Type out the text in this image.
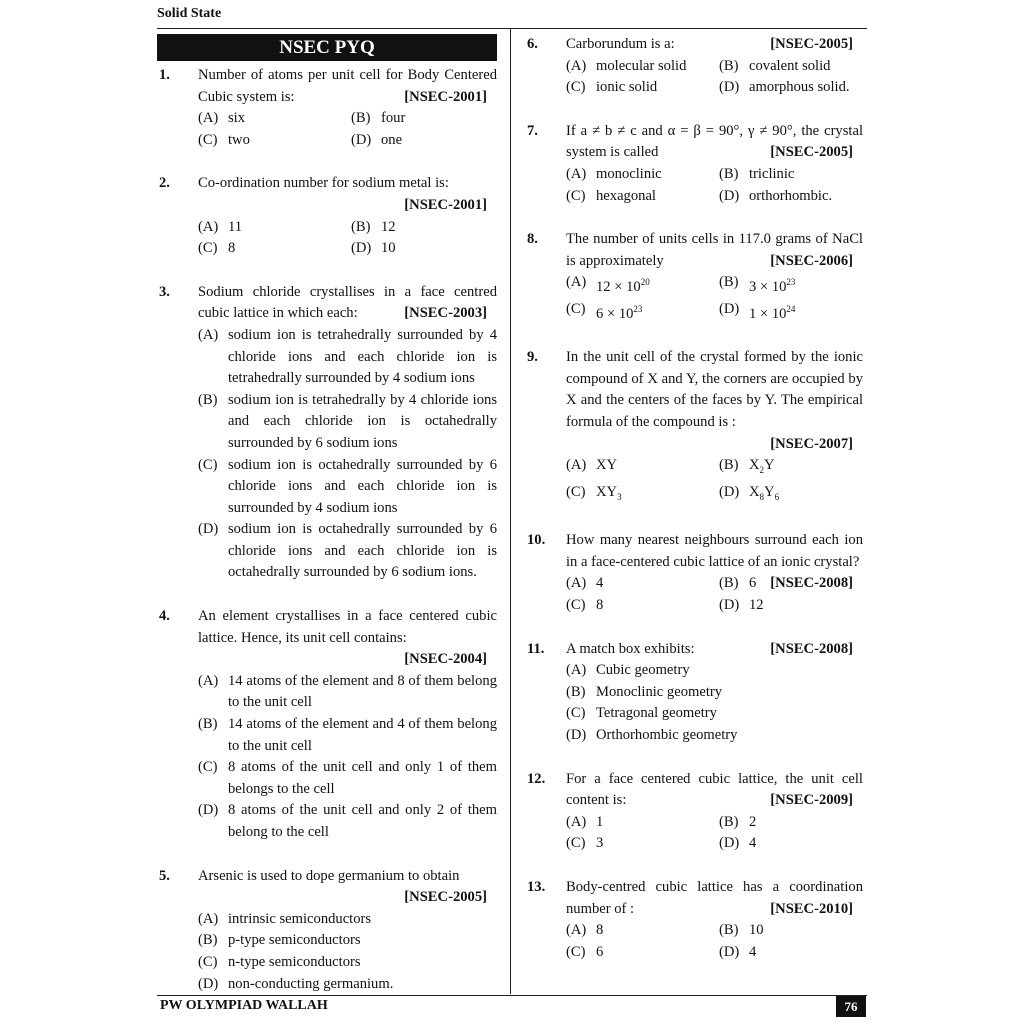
Solid State
NSEC PYQ
1. Number of atoms per unit cell for Body Centered Cubic system is:	[NSEC-2001]
(A) six	(B) four
(C) two	(D) one
2. Co-ordination number for sodium metal is:
[NSEC-2001]
(A) 11	(B) 12
(C) 8	(D) 10
3. Sodium chloride crystallises in a face centred cubic lattice in which each:	[NSEC-2003]
(A) sodium ion is tetrahedrally surrounded by 4 chloride ions and each chloride ion is tetrahedrally surrounded by 4 sodium ions
(B) sodium ion is tetrahedrally by 4 chloride ions and each chloride ion is octahedrally surrounded by 6 sodium ions
(C) sodium ion is octahedrally surrounded by 6 chloride ions and each chloride ion is surrounded by 4 sodium ions
(D) sodium ion is octahedrally surrounded by 6 chloride ions and each chloride ion is octahedrally surrounded by 6 sodium ions.
4. An element crystallises in a face centered cubic lattice. Hence, its unit cell contains:
[NSEC-2004]
(A) 14 atoms of the element and 8 of them belong to the unit cell
(B) 14 atoms of the element and 4 of them belong to the unit cell
(C) 8 atoms of the unit cell and only 1 of them belongs to the cell
(D) 8 atoms of the unit cell and only 2 of them belong to the cell
5. Arsenic is used to dope germanium to obtain
[NSEC-2005]
(A) intrinsic semiconductors
(B) p-type semiconductors
(C) n-type semiconductors
(D) non-conducting germanium.
6. Carborundum is a:	[NSEC-2005]
(A) molecular solid	(B) covalent solid
(C) ionic solid	(D) amorphous solid.
7. If a ≠ b ≠ c and α = β = 90°, γ ≠ 90°, the crystal system is called	[NSEC-2005]
(A) monoclinic	(B) triclinic
(C) hexagonal	(D) orthorhombic.
8. The number of units cells in 117.0 grams of NaCl is approximately	[NSEC-2006]
(A) $12 \times 10^{20}$	(B) $3 \times 10^{23}$
(C) $6 \times 10^{23}$	(D) $1 \times 10^{24}$
9. In the unit cell of the crystal formed by the ionic compound of X and Y, the corners are occupied by X and the centers of the faces by Y. The empirical formula of the compound is :
[NSEC-2007]
(A) XY	(B) $X_2Y$
(C) $XY_3$	(D) $X_8Y_6$
10. How many nearest neighbours surround each ion in a face-centered cubic lattice of an ionic crystal?
[NSEC-2008]
(A) 4	(B) 6
(C) 8	(D) 12
11. A match box exhibits:	[NSEC-2008]
(A) Cubic geometry
(B) Monoclinic geometry
(C) Tetragonal geometry
(D) Orthorhombic geometry
12. For a face centered cubic lattice, the unit cell content is:	[NSEC-2009]
(A) 1	(B) 2
(C) 3	(D) 4
13. Body-centred cubic lattice has a coordination number of :	[NSEC-2010]
(A) 8	(B) 10
(C) 6	(D) 4
PW OLYMPIAD WALLAH	76
